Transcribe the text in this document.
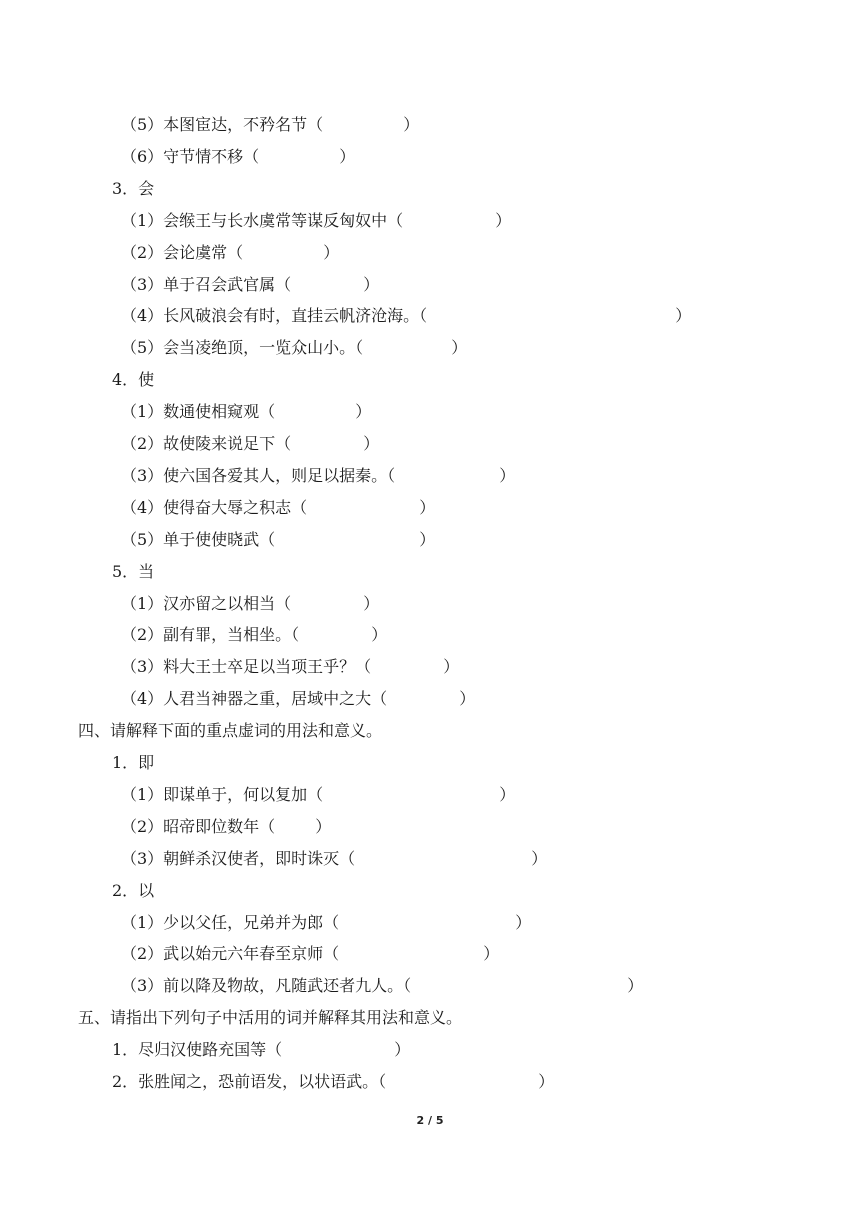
（5）本图宦达，不矜名节（	）
（6）守节情不移（	）
3．会
（1）会缑王与长水虞常等谋反匈奴中（	）
（2）会论虞常（	）
（3）单于召会武官属（	）
（4）长风破浪会有时，直挂云帆济沧海。（	）
（5）会当凌绝顶，一览众山小。（	）
4．使
（1）数通使相窥观（	）
（2）故使陵来说足下（	）
（3）使六国各爱其人，则足以据秦。（	）
（4）使得奋大辱之积志（	）
（5）单于使使晓武（	）
5．当
（1）汉亦留之以相当（	）
（2）副有罪，当相坐。（	）
（3）料大王士卒足以当项王乎？（	）
（4）人君当神器之重，居域中之大（	）
四、请解释下面的重点虚词的用法和意义。
1．即
（1）即谋单于，何以复加（	）
（2）昭帝即位数年（	）
（3）朝鲜杀汉使者，即时诛灭（	）
2．以
（1）少以父任，兄弟并为郎（	）
（2）武以始元六年春至京师（	）
（3）前以降及物故，凡随武还者九人。（	）
五、请指出下列句子中活用的词并解释其用法和意义。
1．尽归汉使路充国等（	）
2．张胜闻之，恐前语发，以状语武。（	）
2 / 5
